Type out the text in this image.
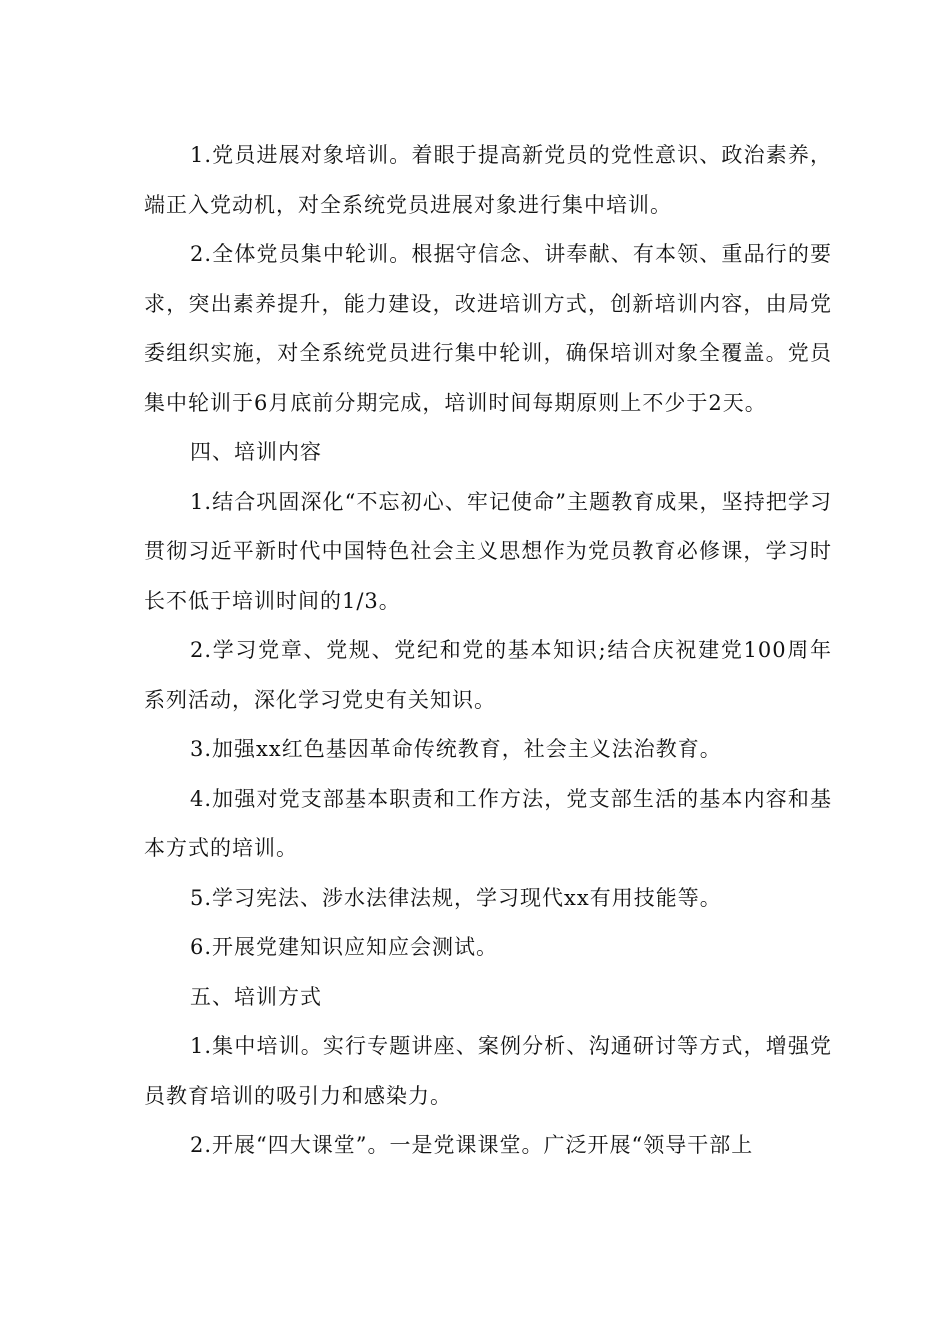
1.党员进展对象培训。着眼于提高新党员的党性意识、政治素养，端正入党动机，对全系统党员进展对象进行集中培训。

2.全体党员集中轮训。根据守信念、讲奉献、有本领、重品行的要求，突出素养提升，能力建设，改进培训方式，创新培训内容，由局党委组织实施，对全系统党员进行集中轮训，确保培训对象全覆盖。党员集中轮训于6月底前分期完成，培训时间每期原则上不少于2天。

四、培训内容

1.结合巩固深化“不忘初心、牢记使命”主题教育成果，坚持把学习贯彻习近平新时代中国特色社会主义思想作为党员教育必修课，学习时长不低于培训时间的1/3。

2.学习党章、党规、党纪和党的基本知识;结合庆祝建党100周年系列活动，深化学习党史有关知识。

3.加强xx红色基因革命传统教育，社会主义法治教育。

4.加强对党支部基本职责和工作方法，党支部生活的基本内容和基本方式的培训。

5.学习宪法、涉水法律法规，学习现代xx有用技能等。

6.开展党建知识应知应会测试。

五、培训方式

1.集中培训。实行专题讲座、案例分析、沟通研讨等方式，增强党员教育培训的吸引力和感染力。

2.开展“四大课堂”。一是党课课堂。广泛开展“领导干部上
